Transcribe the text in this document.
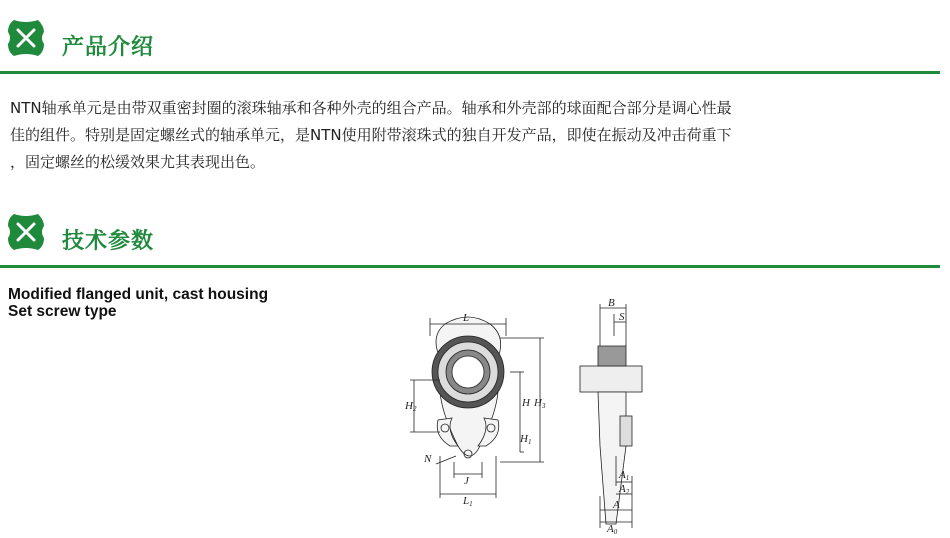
产品介绍
NTN轴承单元是由带双重密封圈的滚珠轴承和各种外壳的组合产品。轴承和外壳部的球面配合部分是调心性最
佳的组件。特别是固定螺丝式的轴承单元，是NTN使用附带滚珠式的独自开发产品，即使在振动及冲击荷重下
，固定螺丝的松缓效果尤其表现出色。
技术参数
Modified flanged unit, cast housing
Set screw type	L
H2	H H3
H1
N
J
L1
B
S
A1
A2
A
A0
